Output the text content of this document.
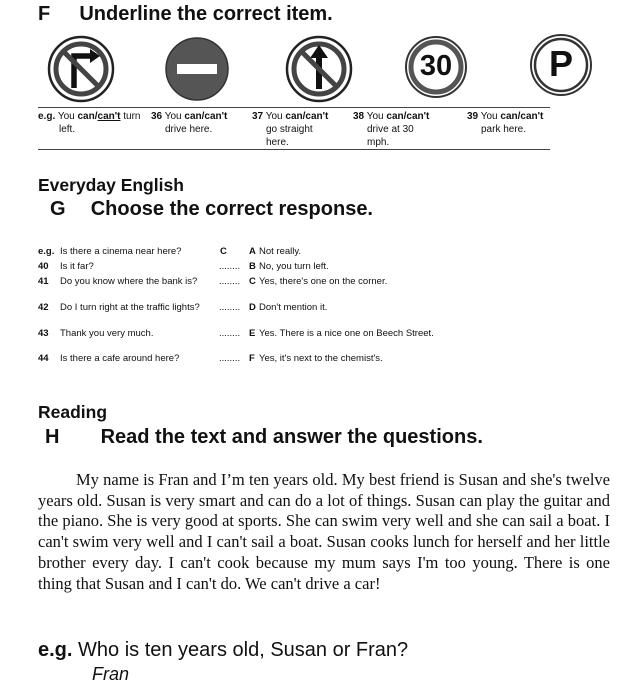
F Underline the correct item.
30	P
e.g. You can/can't turn
left.
36 You can/can't
drive here.
37 You can/can't
go straight
here.
38 You can/can't
drive at 30
mph.
39 You can/can't
park here.
Everyday English
G Choose the correct response.
e.g. Is there a cinema near here?	C A Not really.
40 Is it far?	........ B No, you turn left.
41 Do you know where the bank is? ........ C Yes, there's one on the corner.
42 Do I turn right at the traffic lights? ........ D Don't mention it.
43 Thank you very much.	........ E Yes. There is a nice one on Beech Street.
44 Is there a cafe around here?	........ F Yes, it's next to the chemist's.
Reading
H Read the text and answer the questions.
My name is Fran and I’m ten years old. My best friend is Susan and she's twelve years old. Susan is very smart and can do a lot of things. Susan can play the guitar and the piano. She is very good at sports. She can swim very well and she can sail a boat. I can't swim very well and I can't sail a boat. Susan cooks lunch for herself and her little brother every day. I can't cook because my mum says I'm too young. There is one thing that Susan and I can't do. We can't drive a car!
e.g. Who is ten years old, Susan or Fran?
Fran
